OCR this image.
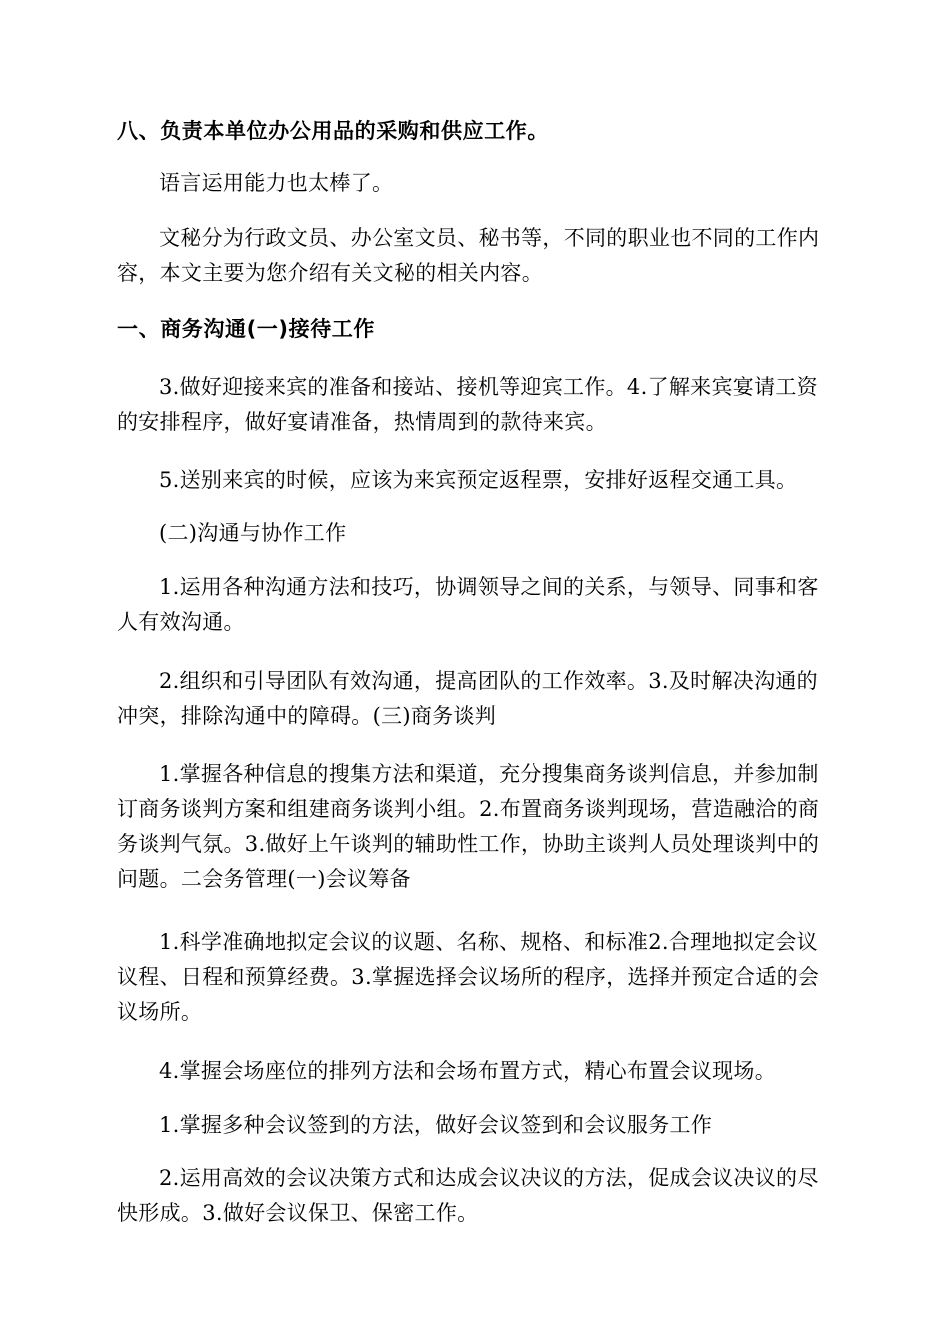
八、负责本单位办公用品的采购和供应工作。

语言运用能力也太棒了。

文秘分为行政文员、办公室文员、秘书等，不同的职业也不同的工作内容，本文主要为您介绍有关文秘的相关内容。

一、商务沟通(一)接待工作

3.做好迎接来宾的准备和接站、接机等迎宾工作。4.了解来宾宴请工资的安排程序，做好宴请准备，热情周到的款待来宾。

5.送别来宾的时候，应该为来宾预定返程票，安排好返程交通工具。

(二)沟通与协作工作

1.运用各种沟通方法和技巧，协调领导之间的关系，与领导、同事和客人有效沟通。

2.组织和引导团队有效沟通，提高团队的工作效率。3.及时解决沟通的冲突，排除沟通中的障碍。(三)商务谈判

1.掌握各种信息的搜集方法和渠道，充分搜集商务谈判信息，并参加制订商务谈判方案和组建商务谈判小组。2.布置商务谈判现场，营造融洽的商务谈判气氛。3.做好上午谈判的辅助性工作，协助主谈判人员处理谈判中的问题。二会务管理(一)会议筹备

1.科学准确地拟定会议的议题、名称、规格、和标准2.合理地拟定会议议程、日程和预算经费。3.掌握选择会议场所的程序，选择并预定合适的会议场所。

4.掌握会场座位的排列方法和会场布置方式，精心布置会议现场。

1.掌握多种会议签到的方法，做好会议签到和会议服务工作

2.运用高效的会议决策方式和达成会议决议的方法，促成会议决议的尽快形成。3.做好会议保卫、保密工作。
